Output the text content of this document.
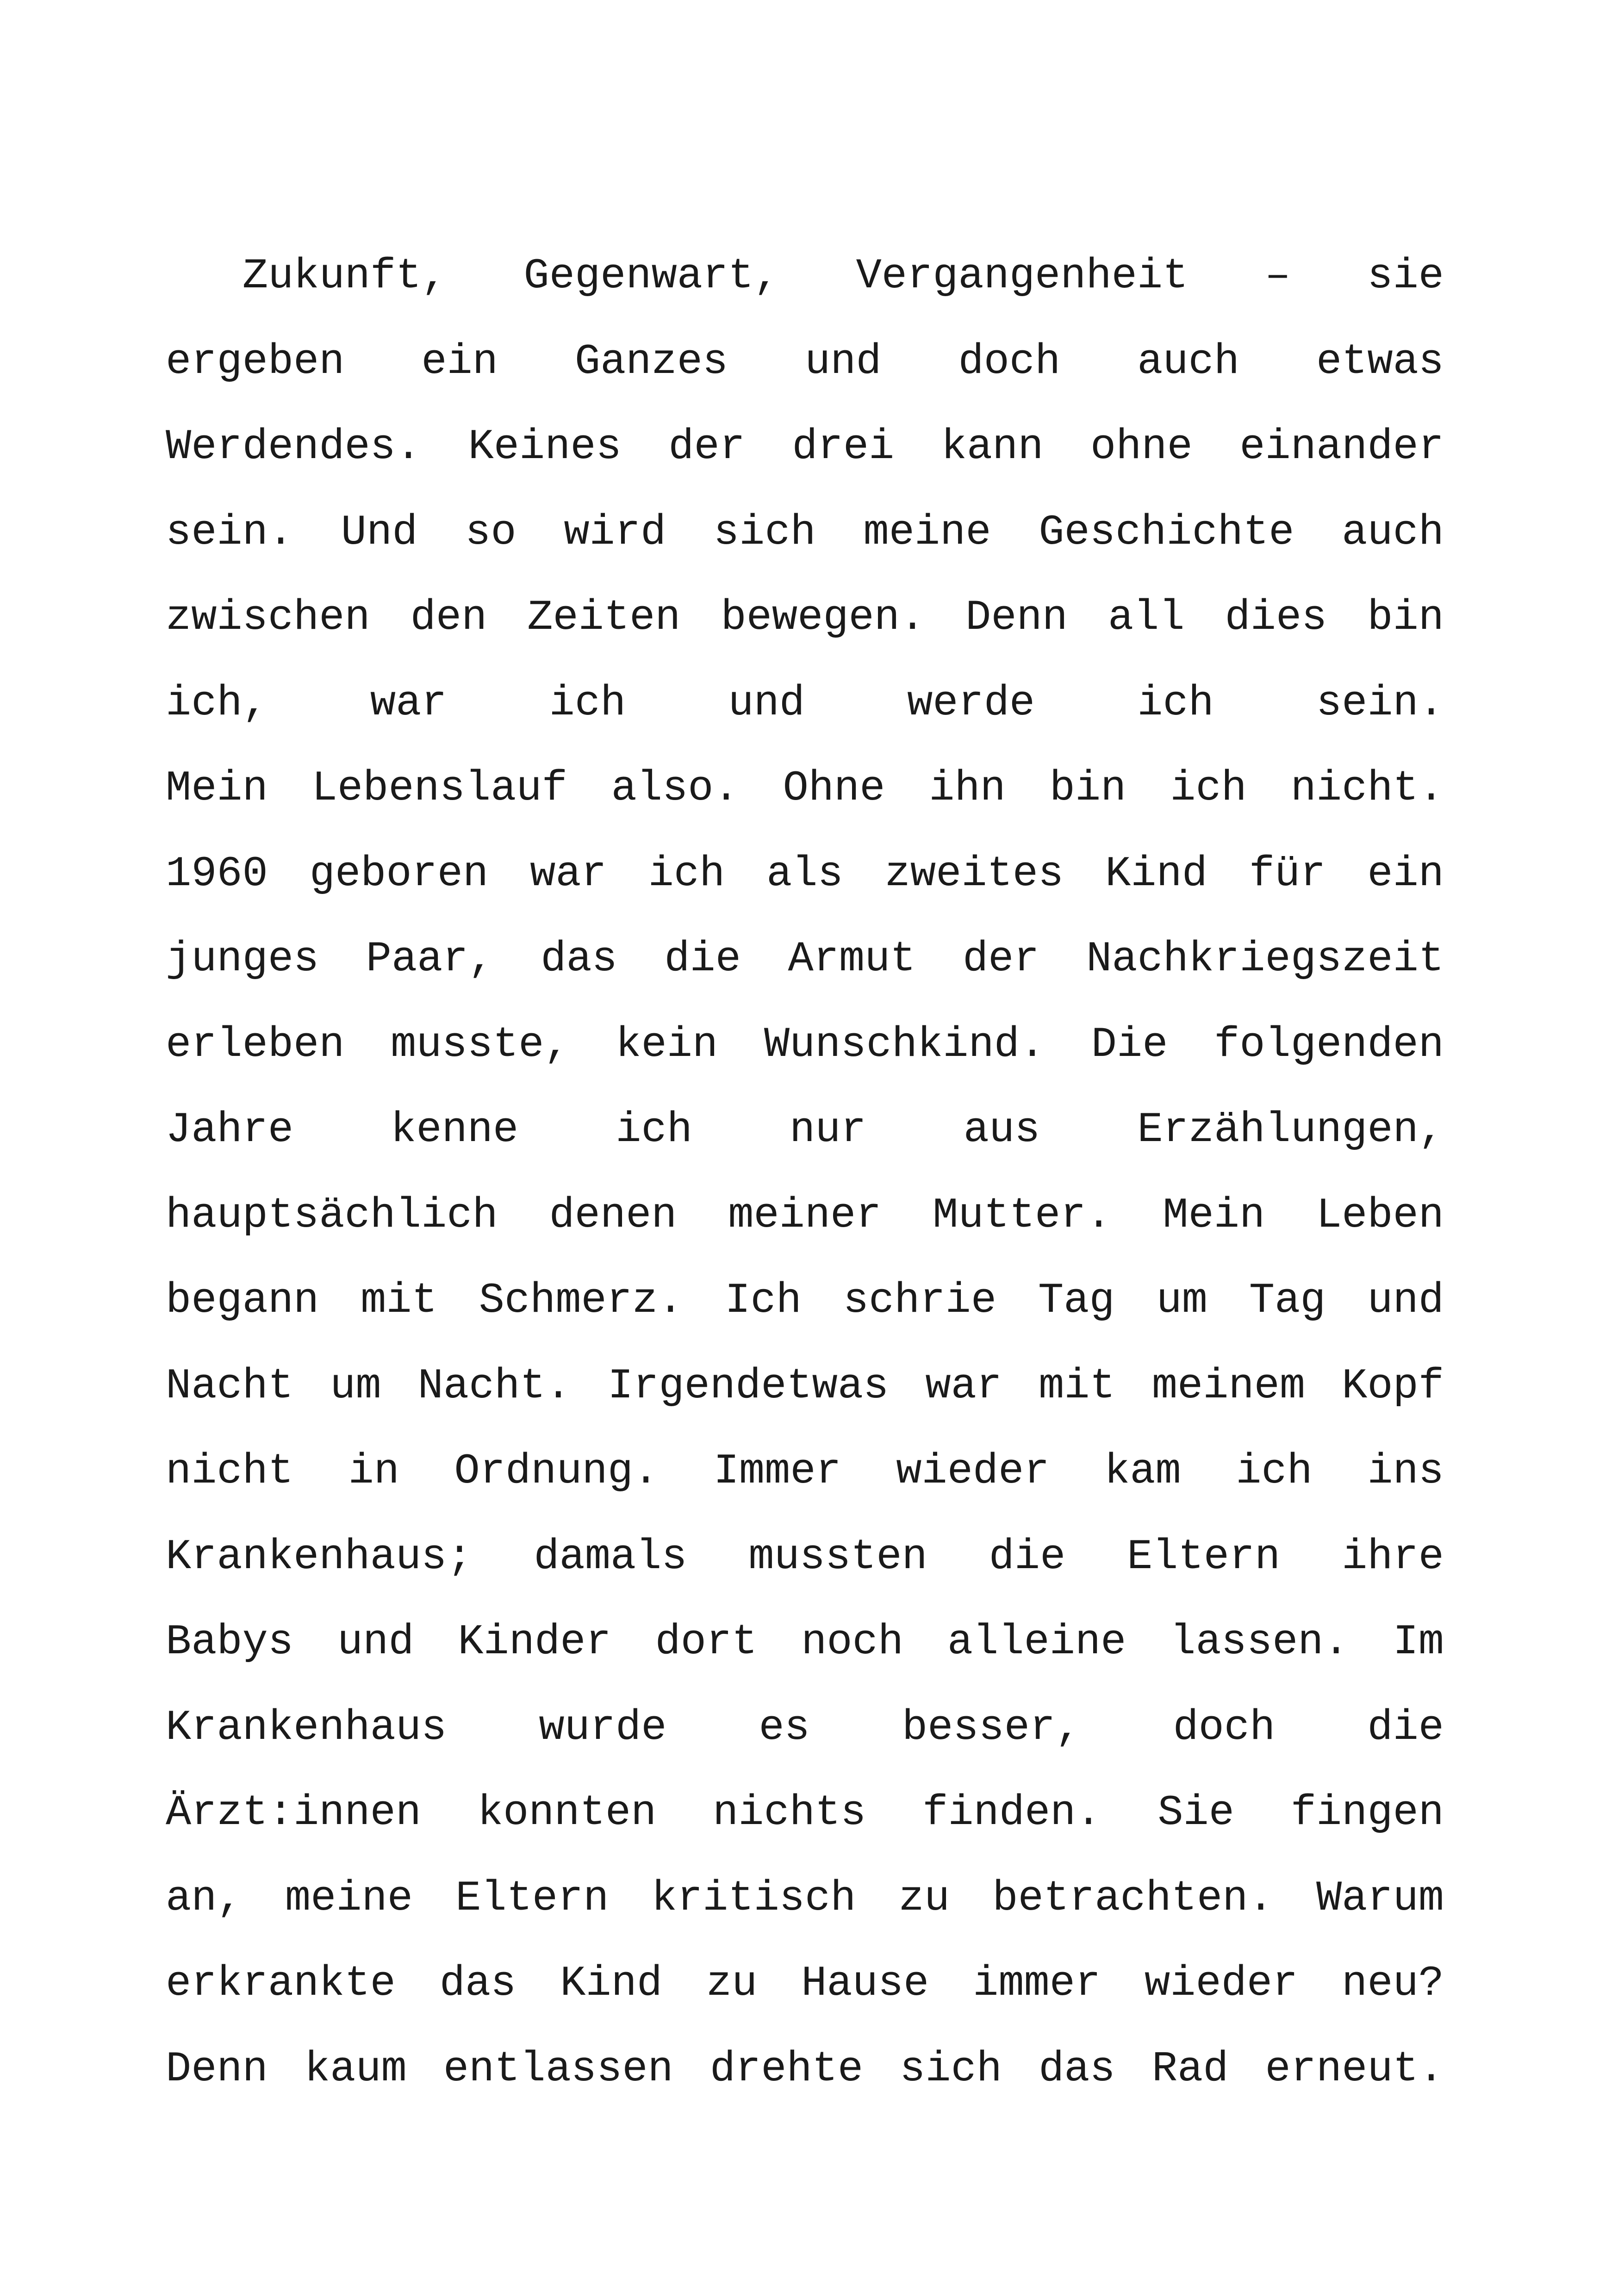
Zukunft, Gegenwart, Vergangenheit – sie
ergeben ein Ganzes und doch auch etwas
Werdendes. Keines der drei kann ohne einander
sein. Und so wird sich meine Geschichte auch
zwischen den Zeiten bewegen. Denn all dies bin
ich, war ich und werde ich sein.
Mein Lebenslauf also. Ohne ihn bin ich nicht.
1960 geboren war ich als zweites Kind für ein
junges Paar, das die Armut der Nachkriegszeit
erleben musste, kein Wunschkind. Die folgenden
Jahre kenne ich nur aus Erzählungen,
hauptsächlich denen meiner Mutter. Mein Leben
begann mit Schmerz. Ich schrie Tag um Tag und
Nacht um Nacht. Irgendetwas war mit meinem Kopf
nicht in Ordnung. Immer wieder kam ich ins
Krankenhaus; damals mussten die Eltern ihre
Babys und Kinder dort noch alleine lassen. Im
Krankenhaus wurde es besser, doch die
Ärzt:innen konnten nichts finden. Sie fingen
an, meine Eltern kritisch zu betrachten. Warum
erkrankte das Kind zu Hause immer wieder neu?
Denn kaum entlassen drehte sich das Rad erneut.
